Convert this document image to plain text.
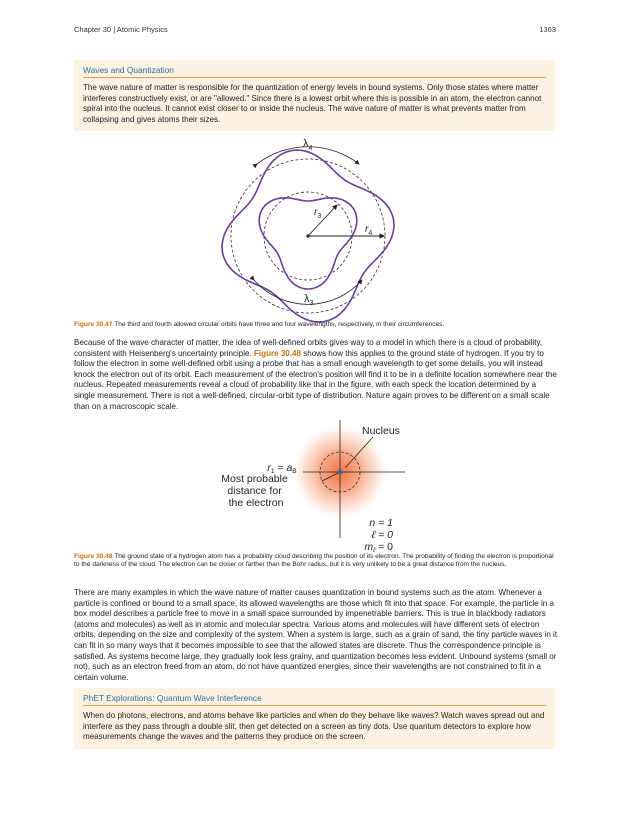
Chapter 30 | Atomic Physics	1363
Waves and Quantization
The wave nature of matter is responsible for the quantization of energy levels in bound systems. Only those states where matter interferes constructively exist, or are "allowed." Since there is a lowest orbit where this is possible in an atom, the electron cannot spiral into the nucleus. It cannot exist closer to or inside the nucleus. The wave nature of matter is what prevents matter from collapsing and gives atoms their sizes.
$\lambda_4$
$\lambda_3$
$r_3$
$r_4$
Figure 30.47 The third and fourth allowed circular orbits have three and four wavelengths, respectively, in their circumferences.
Because of the wave character of matter, the idea of well-defined orbits gives way to a model in which there is a cloud of probability, consistent with Heisenberg's uncertainty principle. Figure 30.48 shows how this applies to the ground state of hydrogen. If you try to follow the electron in some well-defined orbit using a probe that has a small enough wavelength to get some details, you will instead knock the electron out of its orbit. Each measurement of the electron's position will find it to be in a definite location somewhere near the nucleus. Repeated measurements reveal a cloud of probability like that in the figure, with each speck the location determined by a single measurement. There is not a well-defined, circular-orbit type of distribution. Nature again proves to be different on a small scale than on a macroscopic scale.
Nucleus
r1 = aB
Most probable distance for the electron
n = 1
ℓ = 0
mℓ = 0
Figure 30.48 The ground state of a hydrogen atom has a probability cloud describing the position of its electron. The probability of finding the electron is proportional to the darkness of the cloud. The electron can be closer or farther than the Bohr radius, but it is very unlikely to be a great distance from the nucleus.
There are many examples in which the wave nature of matter causes quantization in bound systems such as the atom. Whenever a particle is confined or bound to a small space, its allowed wavelengths are those which fit into that space. For example, the particle in a box model describes a particle free to move in a small space surrounded by impenetrable barriers. This is true in blackbody radiators (atoms and molecules) as well as in atomic and molecular spectra. Various atoms and molecules will have different sets of electron orbits, depending on the size and complexity of the system. When a system is large, such as a grain of sand, the tiny particle waves in it can fit in so many ways that it becomes impossible to see that the allowed states are discrete. Thus the correspondence principle is satisfied. As systems become large, they gradually look less grainy, and quantization becomes less evident. Unbound systems (small or not), such as an electron freed from an atom, do not have quantized energies, since their wavelengths are not constrained to fit in a certain volume.
PhET Explorations: Quantum Wave Interference
When do photons, electrons, and atoms behave like particles and when do they behave like waves? Watch waves spread out and interfere as they pass through a double slit, then get detected on a screen as tiny dots. Use quantum detectors to explore how measurements change the waves and the patterns they produce on the screen.
